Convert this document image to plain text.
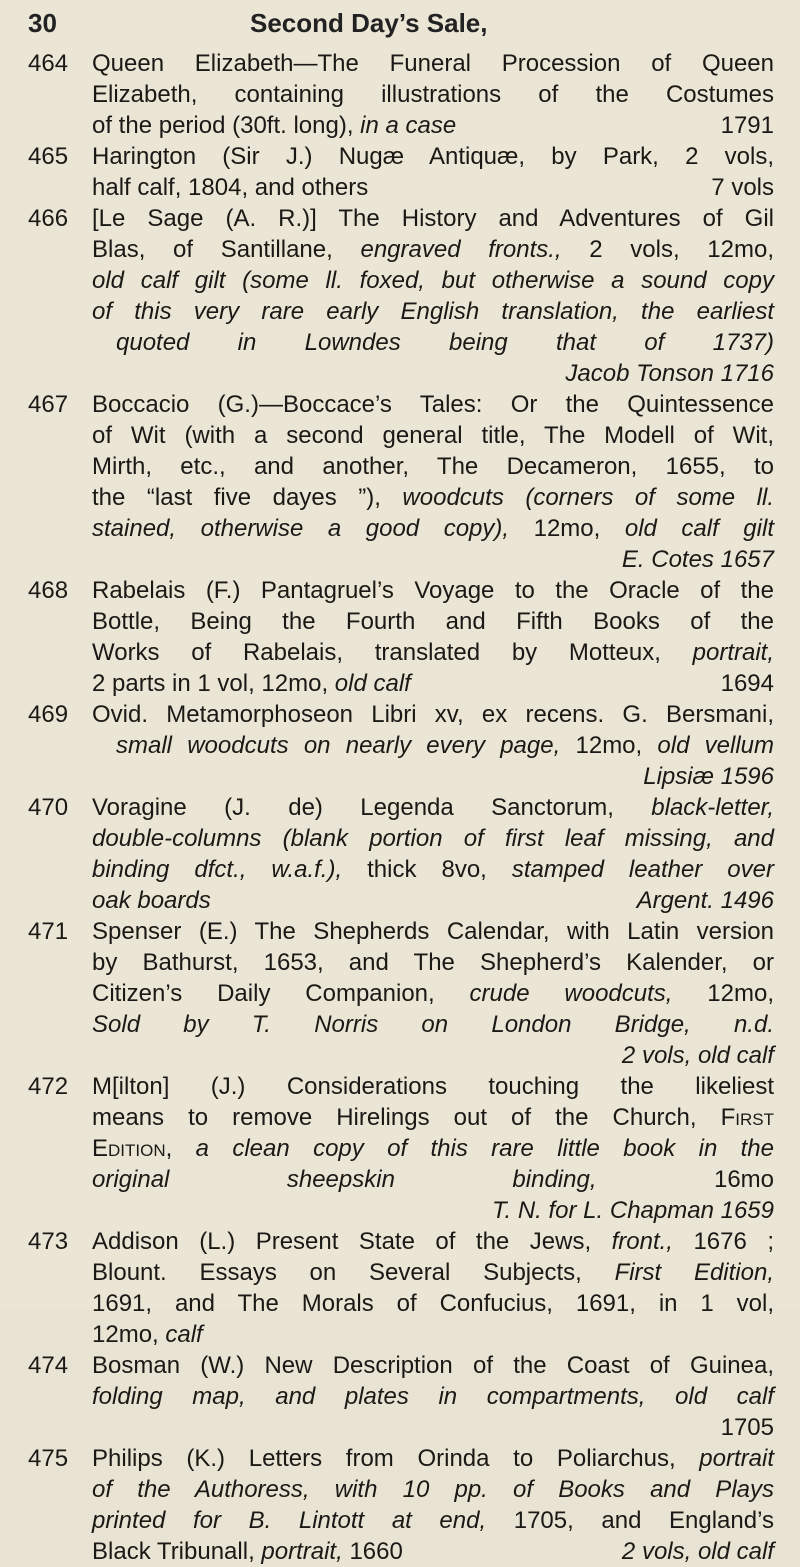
30	Second Day’s Sale,
464 Queen Elizabeth—The Funeral Procession of Queen
Elizabeth, containing illustrations of the Costumes
of the period (30ft. long), in a case	1791
465 Harington (Sir J.) Nugæ Antiquæ, by Park, 2 vols,
half calf, 1804, and others	7 vols
466 [Le Sage (A. R.)] The History and Adventures of Gil
Blas, of Santillane, engraved fronts., 2 vols, 12mo,
old calf gilt (some ll. foxed, but otherwise a sound copy
of this very rare early English translation, the earliest
quoted in Lowndes being that of 1737)
Jacob Tonson 1716
467 Boccacio (G.)—Boccace’s Tales: Or the Quintessence
of Wit (with a second general title, The Modell of Wit,
Mirth, etc., and another, The Decameron, 1655, to
the “last five dayes ”), woodcuts (corners of some ll.
stained, otherwise a good copy), 12mo, old calf gilt
E. Cotes 1657
468 Rabelais (F.) Pantagruel’s Voyage to the Oracle of the
Bottle, Being the Fourth and Fifth Books of the
Works of Rabelais, translated by Motteux, portrait,
2 parts in 1 vol, 12mo, old calf	1694
469 Ovid. Metamorphoseon Libri xv, ex recens. G. Bersmani,
small woodcuts on nearly every page, 12mo, old vellum
Lipsiæ 1596
470 Voragine (J. de) Legenda Sanctorum, black-letter,
double-columns (blank portion of first leaf missing, and
binding dfct., w.a.f.), thick 8vo, stamped leather over
oak boards	Argent. 1496
471 Spenser (E.) The Shepherds Calendar, with Latin version
by Bathurst, 1653, and The Shepherd’s Kalender, or
Citizen’s Daily Companion, crude woodcuts, 12mo,
Sold by T. Norris on London Bridge, n.d.
2 vols, old calf
472 M[ilton] (J.) Considerations touching the likeliest
means to remove Hirelings out of the Church, First
Edition, a clean copy of this rare little book in the
original sheepskin binding, 16mo
T. N. for L. Chapman 1659
473 Addison (L.) Present State of the Jews, front., 1676 ;
Blount. Essays on Several Subjects, First Edition,
1691, and The Morals of Confucius, 1691, in 1 vol,
12mo, calf
474 Bosman (W.) New Description of the Coast of Guinea,
folding map, and plates in compartments, old calf
1705
475 Philips (K.) Letters from Orinda to Poliarchus, portrait
of the Authoress, with 10 pp. of Books and Plays
printed for B. Lintott at end, 1705, and England’s
Black Tribunall, portrait, 1660	2 vols, old calf
